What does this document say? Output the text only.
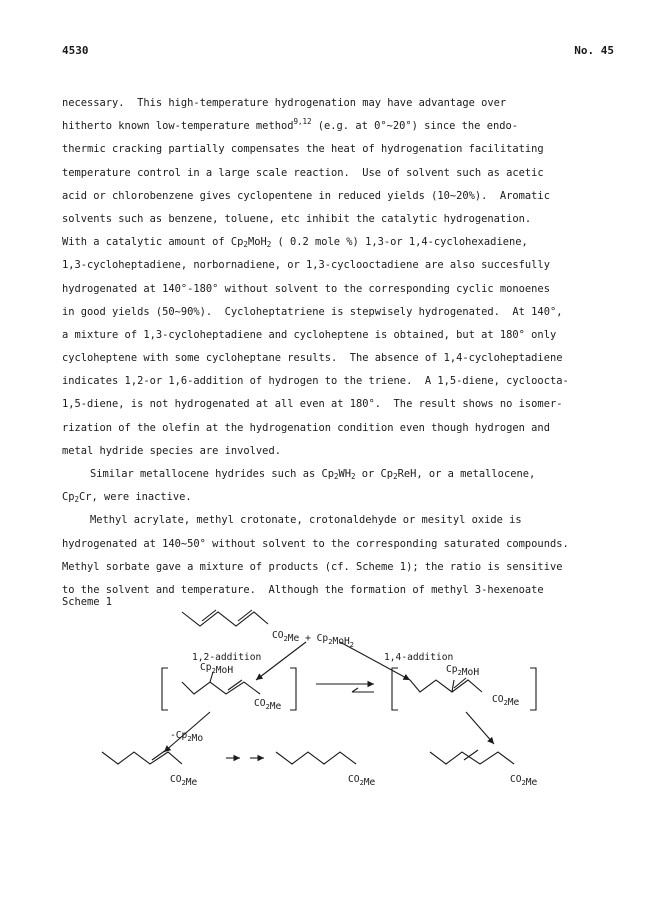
4530	No. 45
necessary.  This high-temperature hydrogenation may have advantage over
hitherto known low-temperature method$^{9,12}$ (e.g. at 0°~20°) since the endo-
thermic cracking partially compensates the heat of hydrogenation facilitating
temperature control in a large scale reaction.  Use of solvent such as acetic
acid or chlorobenzene gives cyclopentene in reduced yields (10~20%).  Aromatic
solvents such as benzene, toluene, etc inhibit the catalytic hydrogenation.
With a catalytic amount of $Cp_2MoH_2$ ( 0.2 mole %) 1,3-or 1,4-cyclohexadiene,
1,3-cycloheptadiene, norbornadiene, or 1,3-cyclooctadiene are also succesfully
hydrogenated at 140°-180° without solvent to the corresponding cyclic monoenes
in good yields (50~90%).  Cycloheptatriene is stepwisely hydrogenated.  At 140°,
a mixture of 1,3-cycloheptadiene and cycloheptene is obtained, but at 180° only
cycloheptene with some cycloheptane results.  The absence of 1,4-cycloheptadiene
indicates 1,2-or 1,6-addition of hydrogen to the triene.  A 1,5-diene, cycloocta-
1,5-diene, is not hydrogenated at all even at 180°.  The result shows no isomer-
rization of the olefin at the hydrogenation condition even though hydrogen and
metal hydride species are involved.
Similar metallocene hydrides such as $Cp_2WH_2$ or $Cp_2ReH$, or a metallocene,
$Cp_2Cr$, were inactive.
Methyl acrylate, methyl crotonate, crotonaldehyde or mesityl oxide is
hydrogenated at 140~50° without solvent to the corresponding saturated compounds.
Methyl sorbate gave a mixture of products (cf. Scheme 1); the ratio is sensitive
to the solvent and temperature.  Although the formation of methyl 3-hexenoate
Scheme 1
$CO_2Me + Cp_2MoH_2$
1,2-addition	1,4-addition
$Cp_2MoH$
$CO_2Me$
$Cp_2MoH$
$CO_2Me$
$-Cp_2Mo$
$CO_2Me$	$CO_2Me$	$CO_2Me$
